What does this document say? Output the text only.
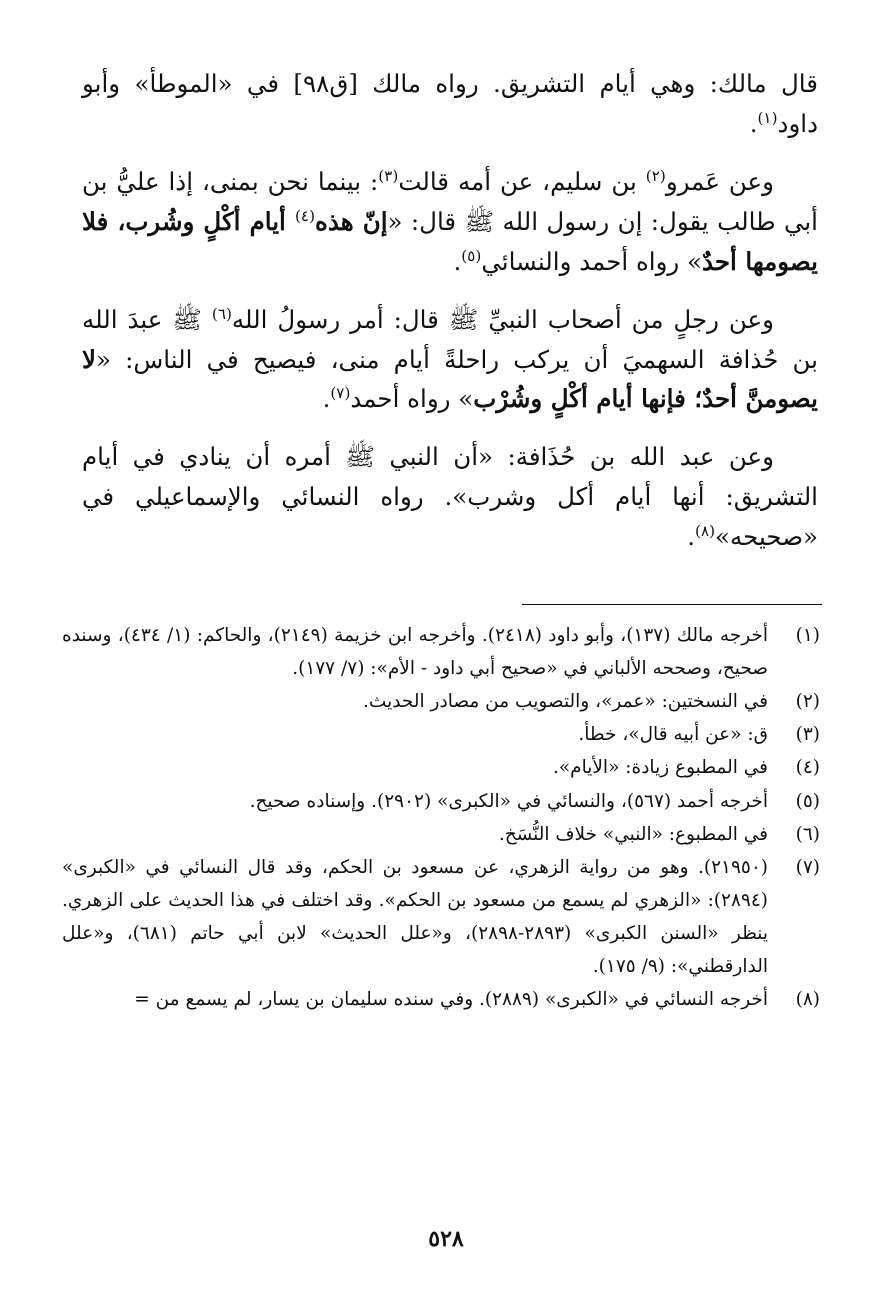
قال مالك: وهي أيام التشريق. رواه مالك [ق٩٨] في «الموطأ» وأبو داود$^{(١)}$.

وعن عَمرو$^{(٢)}$ بن سليم، عن أمه قالت$^{(٣)}$: بينما نحن بمنى، إذا عليُّ بن أبي طالب يقول: إن رسول الله ﷺ قال: «إنّ هذه$^{(٤)}$ أيام أكْلٍ وشُرب، فلا يصومها أحدٌ» رواه أحمد والنسائي$^{(٥)}$.

وعن رجلٍ من أصحاب النبيِّ ﷺ قال: أمر رسولُ الله$^{(٦)}$ ﷺ عبدَ الله بن حُذافة السهميَ أن يركب راحلةً أيام منى، فيصيح في الناس: «لا يصومنَّ أحدٌ؛ فإنها أيام أكْلٍ وشُرْب» رواه أحمد$^{(٧)}$.

وعن عبد الله بن حُذَافة: «أن النبي ﷺ أمره أن ينادي في أيام التشريق: أنها أيام أكل وشرب». رواه النسائي والإسماعيلي في «صحيحه»$^{(٨)}$.

(١)
أخرجه مالك (١٣٧)، وأبو داود (٢٤١٨). وأخرجه ابن خزيمة (٢١٤٩)، والحاكم: (١/ ٤٣٤)، وسنده صحيح، وصححه الألباني في «صحيح أبي داود - الأم»: (٧/ ١٧٧).
(٢)
في النسختين: «عمر»، والتصويب من مصادر الحديث.
(٣)
ق: «عن أبيه قال»، خطأ.
(٤)
في المطبوع زيادة: «الأيام».
(٥)
أخرجه أحمد (٥٦٧)، والنسائي في «الكبرى» (٢٩٠٢). وإسناده صحيح.
(٦)
في المطبوع: «النبي» خلاف النُّسَخ.
(٧)
(٢١٩٥٠). وهو من رواية الزهري، عن مسعود بن الحكم، وقد قال النسائي في «الكبرى» (٢٨٩٤): «الزهري لم يسمع من مسعود بن الحكم». وقد اختلف في هذا الحديث على الزهري. ينظر «السنن الكبرى» (٢٨٩٣-٢٨٩٨)، و«علل الحديث» لابن أبي حاتم (٦٨١)، و«علل الدارقطني»: (٩/ ١٧٥).
(٨)
أخرجه النسائي في «الكبرى» (٢٨٨٩). وفي سنده سليمان بن يسار، لم يسمع من =
٥٢٨
